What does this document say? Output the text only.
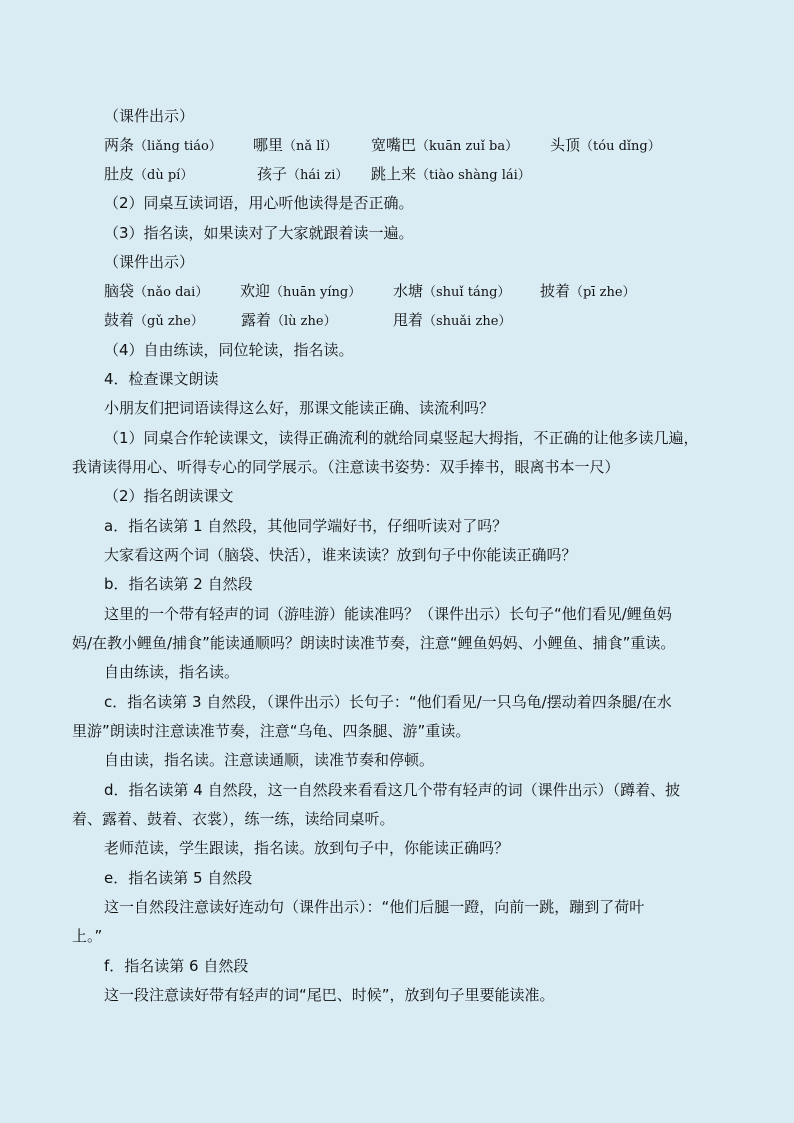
（课件出示）
两条（liǎng tiáo） 哪里（nǎ lǐ） 宽嘴巴（kuān zuǐ ba） 头顶（tóu dǐng）
肚皮（dù pí）	孩子（hái zi） 跳上来（tiào shàng lái）
（2）同桌互读词语，用心听他读得是否正确。
（3）指名读，如果读对了大家就跟着读一遍。
（课件出示）
脑袋（nǎo dai） 欢迎（huān yíng） 水塘（shuǐ táng） 披着（pī zhe）
鼓着（gǔ zhe） 露着（lù zhe）	甩着（shuǎi zhe）
（4）自由练读，同位轮读，指名读。
4．检查课文朗读
小朋友们把词语读得这么好，那课文能读正确、读流利吗？
（1）同桌合作轮读课文，读得正确流利的就给同桌竖起大拇指，不正确的让他多读几遍，
我请读得用心、听得专心的同学展示。（注意读书姿势：双手捧书，眼离书本一尺）
（2）指名朗读课文
a．指名读第 1 自然段，其他同学端好书，仔细听读对了吗？
大家看这两个词（脑袋、快活），谁来读读？放到句子中你能读正确吗？
b．指名读第 2 自然段
这里的一个带有轻声的词（游哇游）能读准吗？（课件出示）长句子“他们看见/鲤鱼妈
妈/在教小鲤鱼/捕食”能读通顺吗？朗读时读准节奏，注意“鲤鱼妈妈、小鲤鱼、捕食”重读。
自由练读，指名读。
c．指名读第 3 自然段，（课件出示）长句子：“他们看见/一只乌龟/摆动着四条腿/在水
里游”朗读时注意读准节奏，注意“乌龟、四条腿、游”重读。
自由读，指名读。注意读通顺，读准节奏和停顿。
d．指名读第 4 自然段，这一自然段来看看这几个带有轻声的词（课件出示）（蹲着、披
着、露着、鼓着、衣裳），练一练，读给同桌听。
老师范读，学生跟读，指名读。放到句子中，你能读正确吗？
e．指名读第 5 自然段
这一自然段注意读好连动句（课件出示）：“他们后腿一蹬，向前一跳，蹦到了荷叶
上。”
f．指名读第 6 自然段
这一段注意读好带有轻声的词“尾巴、时候”，放到句子里要能读准。
